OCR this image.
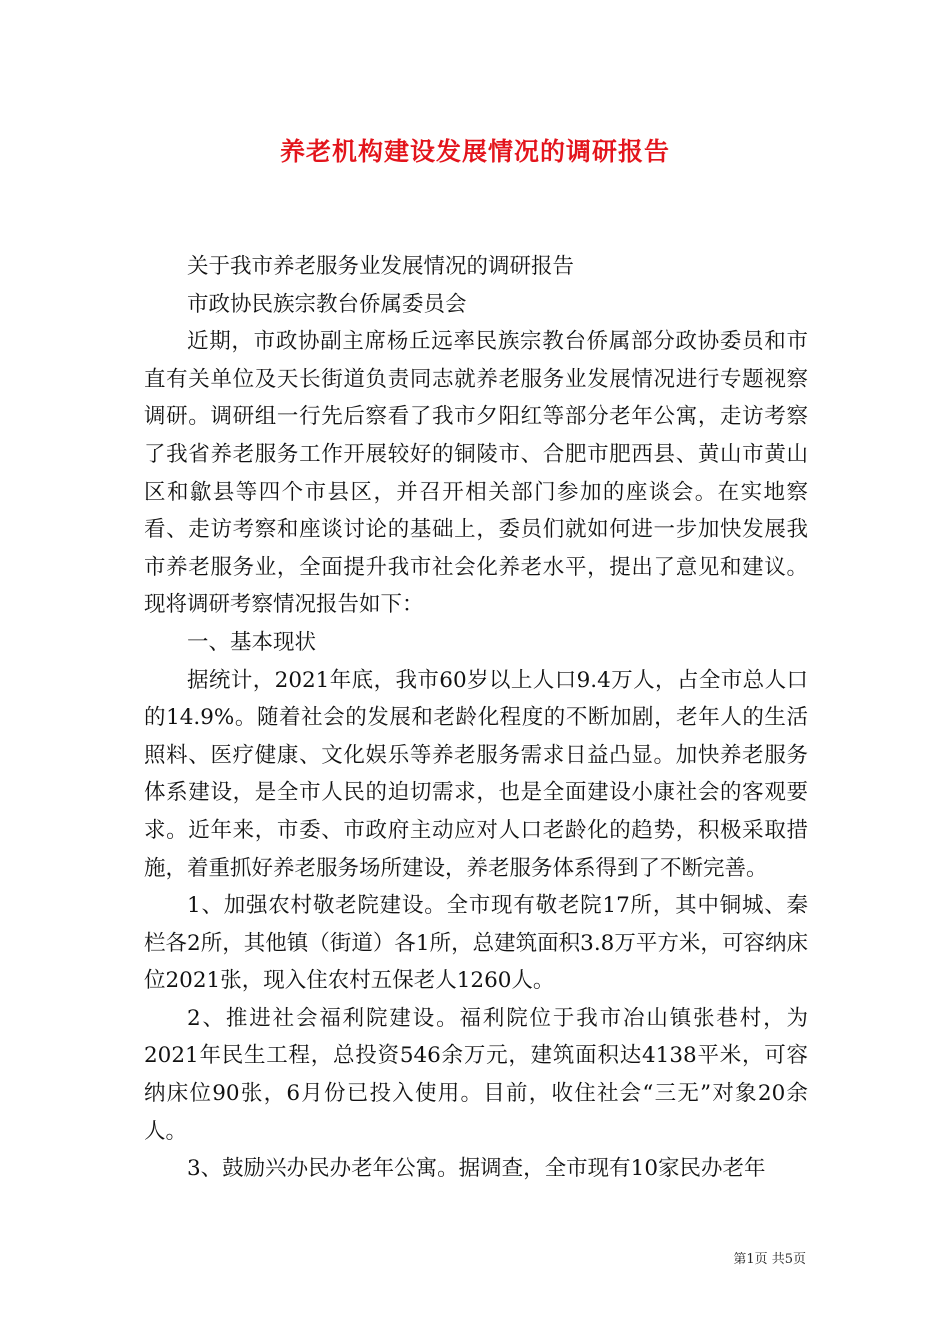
养老机构建设发展情况的调研报告

关于我市养老服务业发展情况的调研报告

市政协民族宗教台侨属委员会

近期，市政协副主席杨丘远率民族宗教台侨属部分政协委员和市直有关单位及天长街道负责同志就养老服务业发展情况进行专题视察调研。调研组一行先后察看了我市夕阳红等部分老年公寓，走访考察了我省养老服务工作开展较好的铜陵市、合肥市肥西县、黄山市黄山区和歙县等四个市县区，并召开相关部门参加的座谈会。在实地察看、走访考察和座谈讨论的基础上，委员们就如何进一步加快发展我市养老服务业，全面提升我市社会化养老水平，提出了意见和建议。现将调研考察情况报告如下：

一、基本现状

据统计，2021年底，我市60岁以上人口9.4万人，占全市总人口的14.9%。随着社会的发展和老龄化程度的不断加剧，老年人的生活照料、医疗健康、文化娱乐等养老服务需求日益凸显。加快养老服务体系建设，是全市人民的迫切需求，也是全面建设小康社会的客观要求。近年来，市委、市政府主动应对人口老龄化的趋势，积极采取措施，着重抓好养老服务场所建设，养老服务体系得到了不断完善。

1、加强农村敬老院建设。全市现有敬老院17所，其中铜城、秦栏各2所，其他镇（街道）各1所，总建筑面积3.8万平方米，可容纳床位2021张，现入住农村五保老人1260人。

2、推进社会福利院建设。福利院位于我市冶山镇张巷村，为2021年民生工程，总投资546余万元，建筑面积达4138平米，可容纳床位90张，6月份已投入使用。目前，收住社会“三无”对象20余人。

3、鼓励兴办民办老年公寓。据调查，全市现有10家民办老年

第1页 共5页
